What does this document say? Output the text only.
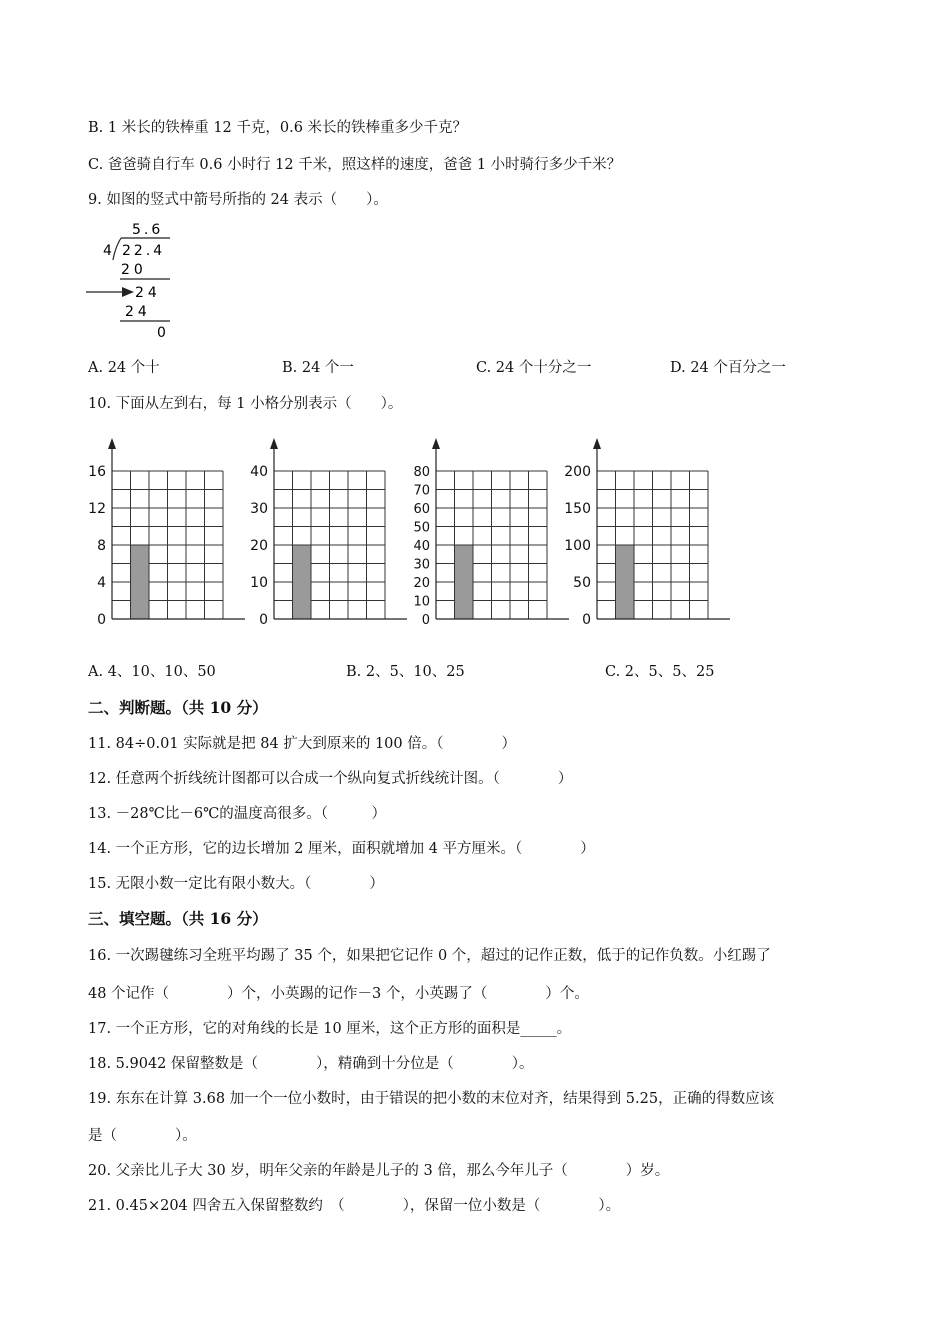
B. 1 米长的铁棒重 12 千克，0.6 米长的铁棒重多少千克？
C. 爸爸骑自行车 0.6 小时行 12 千米，照这样的速度，爸爸 1 小时骑行多少千米？
9. 如图的竖式中箭号所指的 24 表示（　　）。
5.6
4 22.4
20
24
24
0
A. 24 个十	B. 24 个一	C. 24 个十分之一	D. 24 个百分之一
10. 下面从左到右，每 1 小格分别表示（　　）。
0
4
8
12
16
0
10
20
30
40
0
10
20
30
40
50
60
70
80
0
50
100
150
200
A. 4、10、10、50	B. 2、5、10、25	C. 2、5、5、25
二、判断题。（共 10 分）
11. 84÷0.01 实际就是把 84 扩大到原来的 100 倍。（　　　　）
12. 任意两个折线统计图都可以合成一个纵向复式折线统计图。（　　　　）
13. －28℃比－6℃的温度高很多。（　　　）
14. 一个正方形，它的边长增加 2 厘米，面积就增加 4 平方厘米。（　　　　）
15. 无限小数一定比有限小数大。（　　　　）
三、填空题。（共 16 分）
16. 一次踢毽练习全班平均踢了 35 个，如果把它记作 0 个，超过的记作正数，低于的记作负数。小红踢了
48 个记作（　　　　）个，小英踢的记作－3 个，小英踢了（　　　　）个。
17. 一个正方形，它的对角线的长是 10 厘米，这个正方形的面积是_____。
18. 5.9042 保留整数是（　　　　），精确到十分位是（　　　　）。
19. 东东在计算 3.68 加一个一位小数时，由于错误的把小数的末位对齐，结果得到 5.25，正确的得数应该
是（　　　　）。
20. 父亲比儿子大 30 岁，明年父亲的年龄是儿子的 3 倍，那么今年儿子（　　　　）岁。
21. 0.45×204 四舍五入保留整数约　（　　　　），保留一位小数是（　　　　）。
